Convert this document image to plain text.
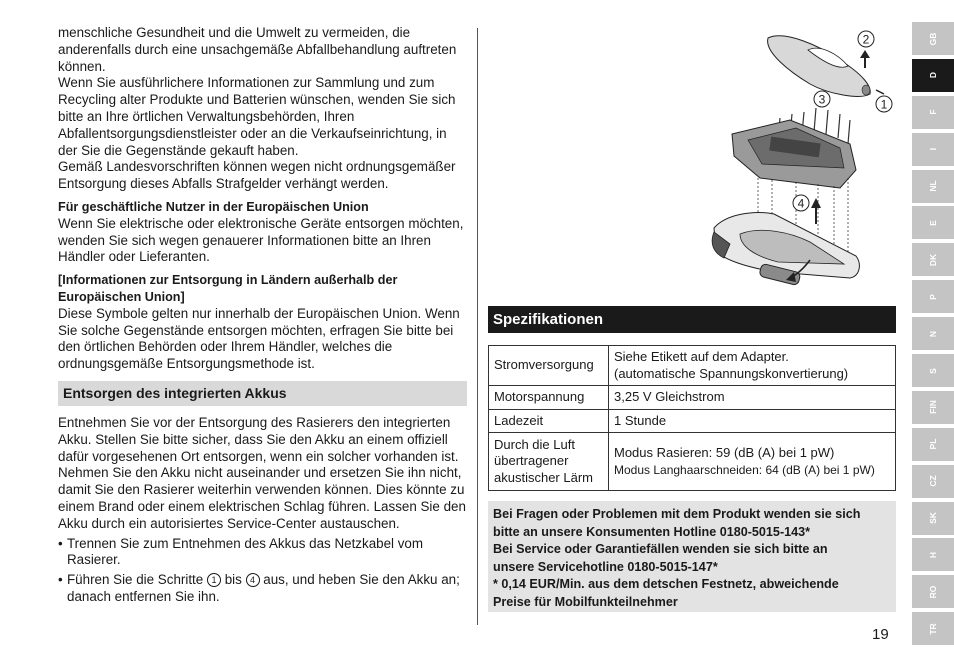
menschliche Gesundheit und die Umwelt zu vermeiden, die

anderenfalls durch eine unsachgemäße Abfallbehandlung auftreten

können.

Wenn Sie ausführlichere Informationen zur Sammlung und zum

Recycling alter Produkte und Batterien wünschen, wenden Sie sich

bitte an Ihre örtlichen Verwaltungsbehörden, Ihren

Abfallentsorgungsdienstleister oder an die Verkaufseinrichtung, in

der Sie die Gegenstände gekauft haben.

Gemäß Landesvorschriften können wegen nicht ordnungsgemäßer

Entsorgung dieses Abfalls Strafgelder verhängt werden.

Für geschäftliche Nutzer in der Europäischen Union

Wenn Sie elektrische oder elektronische Geräte entsorgen möchten,

wenden Sie sich wegen genauerer Informationen bitte an Ihren

Händler oder Lieferanten.

[Informationen zur Entsorgung in Ländern außerhalb der

Europäischen Union]

Diese Symbole gelten nur innerhalb der Europäischen Union. Wenn

Sie solche Gegenstände entsorgen möchten, erfragen Sie bitte bei

den örtlichen Behörden oder Ihrem Händler, welches die

ordnungsgemäße Entsorgungsmethode ist.

Entsorgen des integrierten Akkus

Entnehmen Sie vor der Entsorgung des Rasierers den integrierten

Akku. Stellen Sie bitte sicher, dass Sie den Akku an einem offiziell

dafür vorgesehenen Ort entsorgen, wenn ein solcher vorhanden ist.

Nehmen Sie den Akku nicht auseinander und ersetzen Sie ihn nicht,

damit Sie den Rasierer weiterhin verwenden können. Dies könnte zu

einem Brand oder einem elektrischen Schlag führen. Lassen Sie den

Akku durch ein autorisiertes Service-Center austauschen.

• Trennen Sie zum Entnehmen des Akkus das Netzkabel vom
Rasierer.
• Führen Sie die Schritte 1 bis 4 aus, und heben Sie den Akku an;
danach entfernen Sie ihn.
1
2
3
4
Spezifikationen
Stromversorgung	Siehe Etikett auf dem Adapter.
(automatische Spannungskonvertierung)
Motorspannung	3,25 V Gleichstrom
Ladezeit	1 Stunde
Durch die Luft
übertragener
akustischer Lärm	Modus Rasieren: 59 (dB (A) bei 1 pW)
Modus Langhaarschneiden: 64 (dB (A) bei 1 pW)
Bei Fragen oder Problemen mit dem Produkt wenden sie sich
bitte an unsere Konsumenten Hotline 0180-5015-143*
Bei Service oder Garantiefällen wenden sie sich bitte an
unsere Servicehotline 0180-5015-147*
* 0,14 EUR/Min. aus dem detschen Festnetz, abweichende
Preise für Mobilfunkteilnehmer
19
GB
D
F
I
NL
E
DK
P
N
S
FIN
PL
CZ
SK
H
RO
TR
